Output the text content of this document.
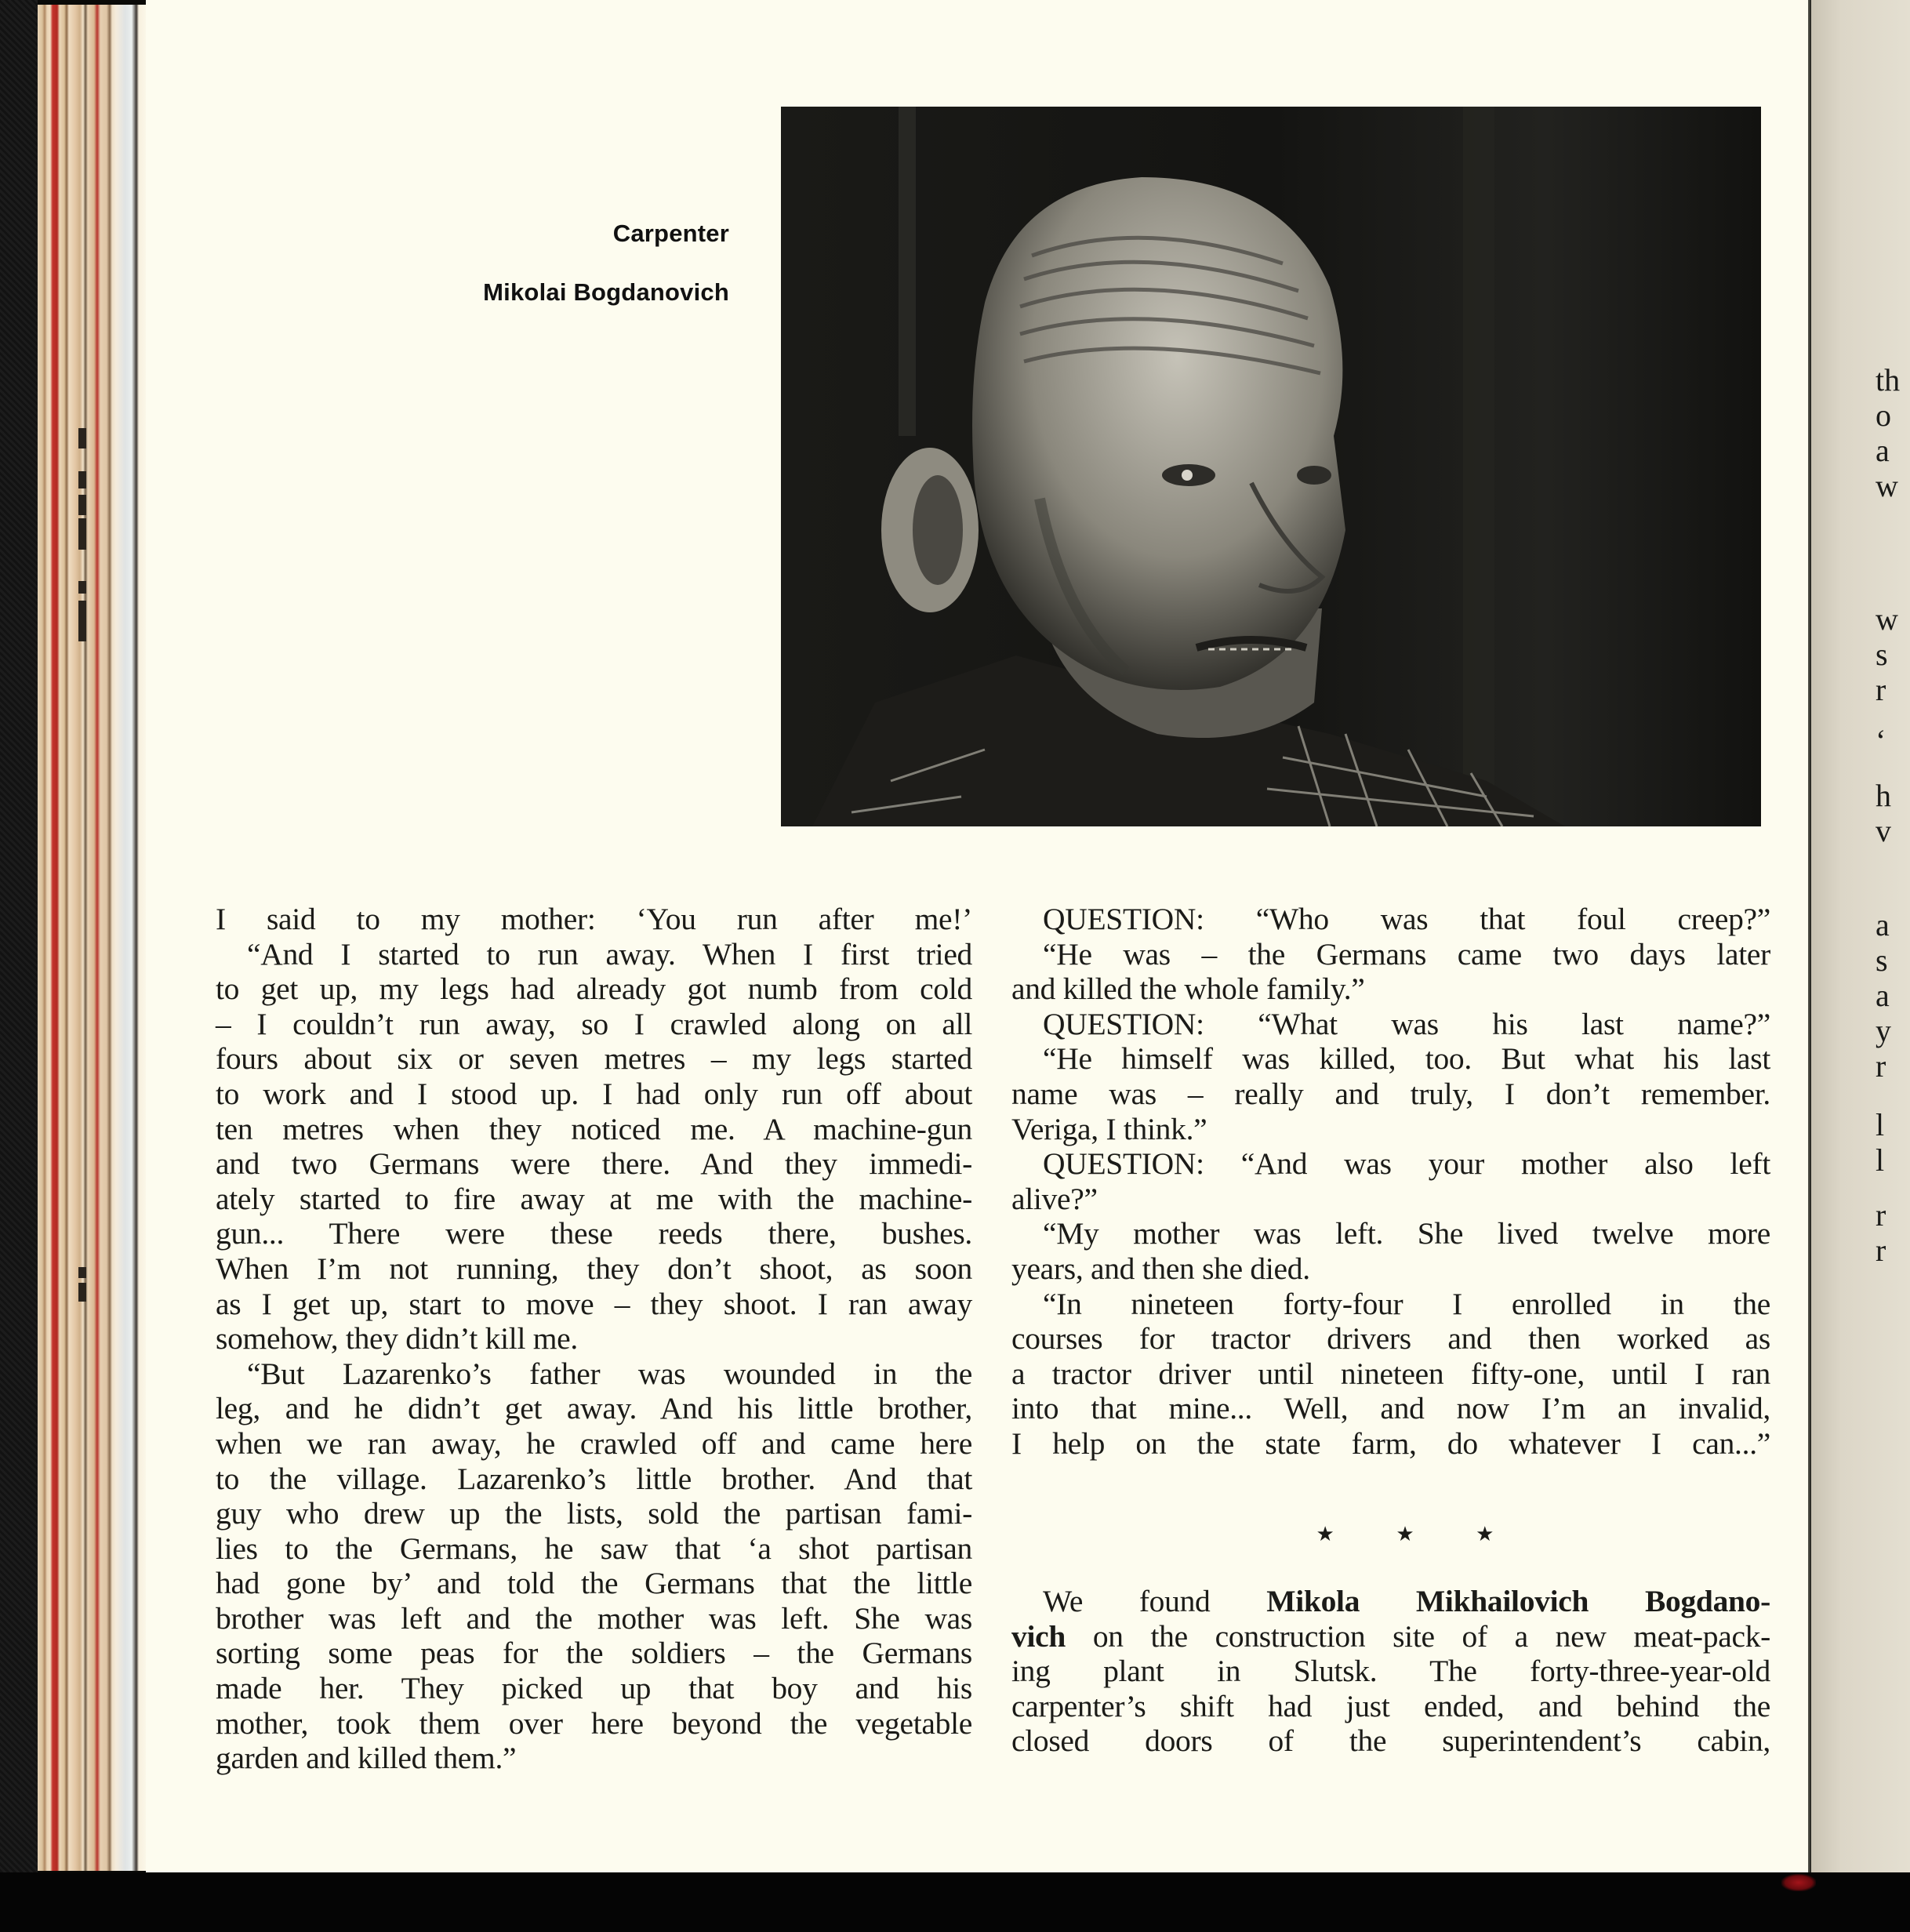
Carpenter
Mikolai Bogdanovich
I said to my mother: ‘You run after me!’
“And I started to run away. When I first tried
to get up, my legs had already got numb from cold
– I couldn’t run away, so I crawled along on all
fours about six or seven metres – my legs started
to work and I stood up. I had only run off about
ten metres when they noticed me. A machine-gun
and two Germans were there. And they immedi-
ately started to fire away at me with the machine-
gun... There were these reeds there, bushes.
When I’m not running, they don’t shoot, as soon
as I get up, start to move – they shoot. I ran away
somehow, they didn’t kill me.
“But Lazarenko’s father was wounded in the
leg, and he didn’t get away. And his little brother,
when we ran away, he crawled off and came here
to the village. Lazarenko’s little brother. And that
guy who drew up the lists, sold the partisan fami-
lies to the Germans, he saw that ‘a shot partisan
had gone by’ and told the Germans that the little
brother was left and the mother was left. She was
sorting some peas for the soldiers – the Germans
made her. They picked up that boy and his
mother, took them over here beyond the vegetable
garden and killed them.”
QUESTION: “Who was that foul creep?”
“He was – the Germans came two days later
and killed the whole family.”
QUESTION: “What was his last name?”
“He himself was killed, too. But what his last
name was – really and truly, I don’t remember.
Veriga, I think.”
QUESTION: “And was your mother also left
alive?”
“My mother was left. She lived twelve more
years, and then she died.
“In nineteen forty-four I enrolled in the
courses for tractor drivers and then worked as
a tractor driver until nineteen fifty-one, until I ran
into that mine... Well, and now I’m an invalid,
I help on the state farm, do whatever I can...”
★ ★ ★
We found Mikola Mikhailovich Bogdano-
vich on the construction site of a new meat-pack-
ing plant in Slutsk. The forty-three-year-old
carpenter’s shift had just ended, and behind the
closed doors of the superintendent’s cabin,
th
o
a
w
w
s
r
‘
h
v
a
s
a
y
r
l
l
r
r
